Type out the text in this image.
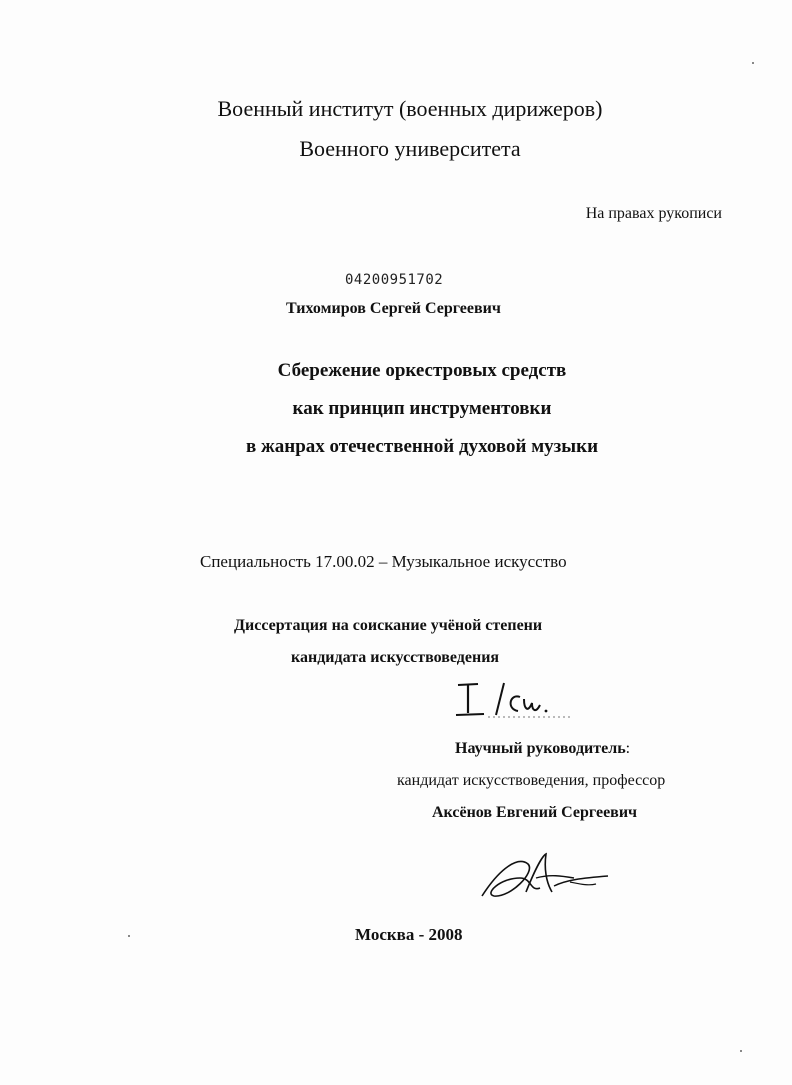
Военный институт (военных дирижеров)
Военного университета
На правах рукописи
04200951702
Тихомиров Сергей Сергеевич
Сбережение оркестровых средств
как принцип инструментовки
в жанрах отечественной духовой музыки
Специальность 17.00.02 – Музыкальное искусство
Диссертация на соискание учёной степени
кандидата искусствоведения
Научный руководитель:
кандидат искусствоведения, профессор
Аксёнов Евгений Сергеевич
Москва - 2008
